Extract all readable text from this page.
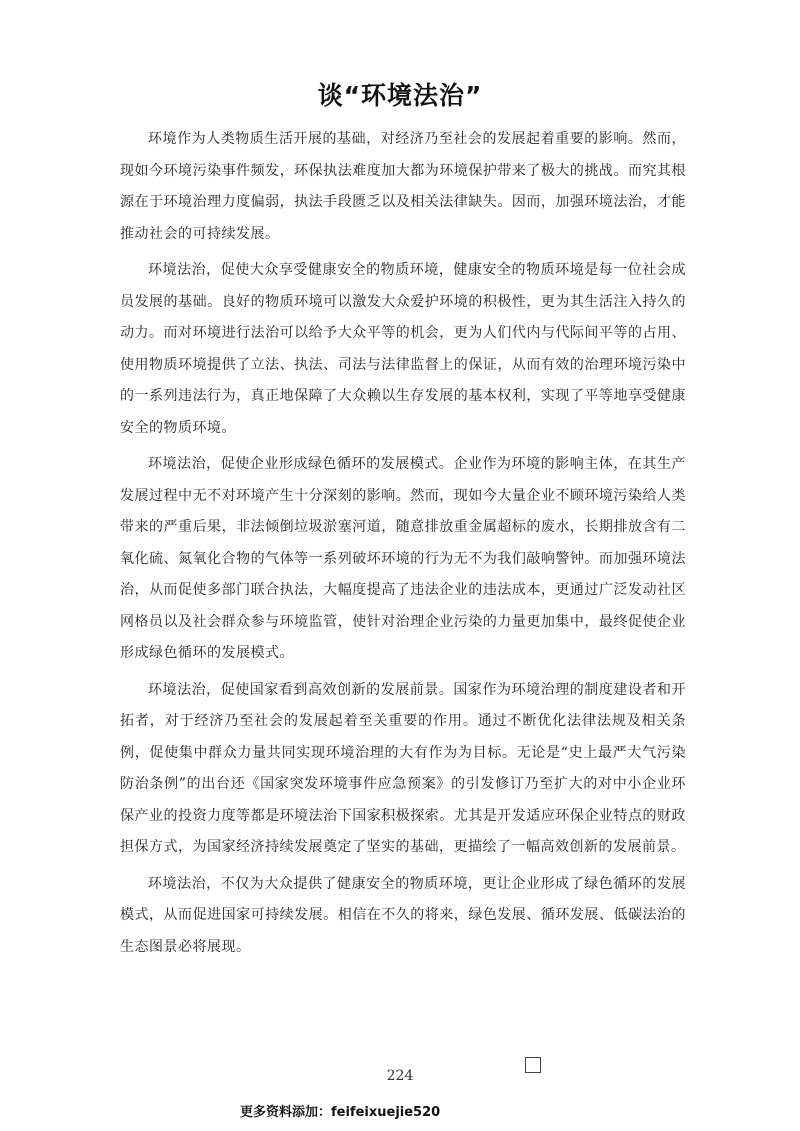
谈“环境法治”

环境作为人类物质生活开展的基础，对经济乃至社会的发展起着重要的影响。然而，现如今环境污染事件频发，环保执法难度加大都为环境保护带来了极大的挑战。而究其根源在于环境治理力度偏弱，执法手段匮乏以及相关法律缺失。因而，加强环境法治，才能推动社会的可持续发展。

环境法治，促使大众享受健康安全的物质环境，健康安全的物质环境是每一位社会成员发展的基础。良好的物质环境可以激发大众爱护环境的积极性，更为其生活注入持久的动力。而对环境进行法治可以给予大众平等的机会，更为人们代内与代际间平等的占用、使用物质环境提供了立法、执法、司法与法律监督上的保证，从而有效的治理环境污染中的一系列违法行为，真正地保障了大众赖以生存发展的基本权利，实现了平等地享受健康安全的物质环境。

环境法治，促使企业形成绿色循环的发展模式。企业作为环境的影响主体，在其生产发展过程中无不对环境产生十分深刻的影响。然而，现如今大量企业不顾环境污染给人类带来的严重后果，非法倾倒垃圾淤塞河道，随意排放重金属超标的废水，长期排放含有二氧化硫、氮氧化合物的气体等一系列破坏环境的行为无不为我们敲响警钟。而加强环境法治，从而促使多部门联合执法，大幅度提高了违法企业的违法成本，更通过广泛发动社区网格员以及社会群众参与环境监管，使针对治理企业污染的力量更加集中，最终促使企业形成绿色循环的发展模式。

环境法治，促使国家看到高效创新的发展前景。国家作为环境治理的制度建设者和开拓者，对于经济乃至社会的发展起着至关重要的作用。通过不断优化法律法规及相关条例，促使集中群众力量共同实现环境治理的大有作为为目标。无论是“史上最严大气污染防治条例”的出台还《国家突发环境事件应急预案》的引发修订乃至扩大的对中小企业环保产业的投资力度等都是环境法治下国家积极探索。尤其是开发适应环保企业特点的财政担保方式，为国家经济持续发展奠定了坚实的基础，更描绘了一幅高效创新的发展前景。

环境法治，不仅为大众提供了健康安全的物质环境，更让企业形成了绿色循环的发展模式，从而促进国家可持续发展。相信在不久的将来，绿色发展、循环发展、低碳法治的生态图景必将展现。

224
更多资料添加：feifeixuejie520
